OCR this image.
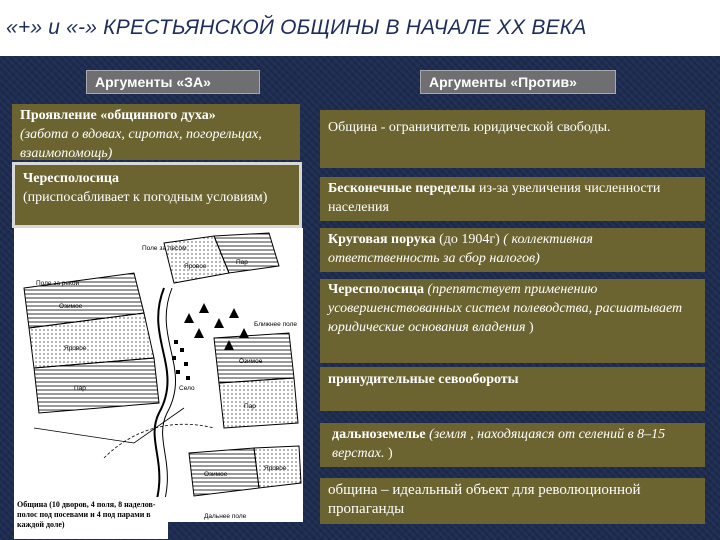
«+» и «-» КРЕСТЬЯНСКОЙ ОБЩИНЫ В НАЧАЛЕ ХХ ВЕКА
Аргументы «ЗА»	Аргументы «Против»
Проявление «общинного духа»
(забота о вдовах, сиротах, погорельцах, взаимопомощь)
Чересполосица
(приспосабливает к погодным условиям)
Поле за лесом
Поле за рекой
Озимое
Яровое
Пар
Пар
Яровое
Ближнее поле
Озимое
Пар
Село
Озимое
Яровое
Дальнее поле
Община (10 дворов, 4 поля, 8 наделов-полос под посевами и 4 под парами в каждой доле)
Община - ограничитель юридической свободы.
Бесконечные переделы из-за увеличения численности населения
Круговая порука (до 1904г) ( коллективная ответственность за сбор налогов)
Чересполосица (препятствует применению усовершенствованных систем полеводства, расшатывает юридические основания владения )
принудительные севообороты
дальноземелье (земля , находящаяся от селений в 8–15 верстах. )
община – идеальный объект для революционной пропаганды
